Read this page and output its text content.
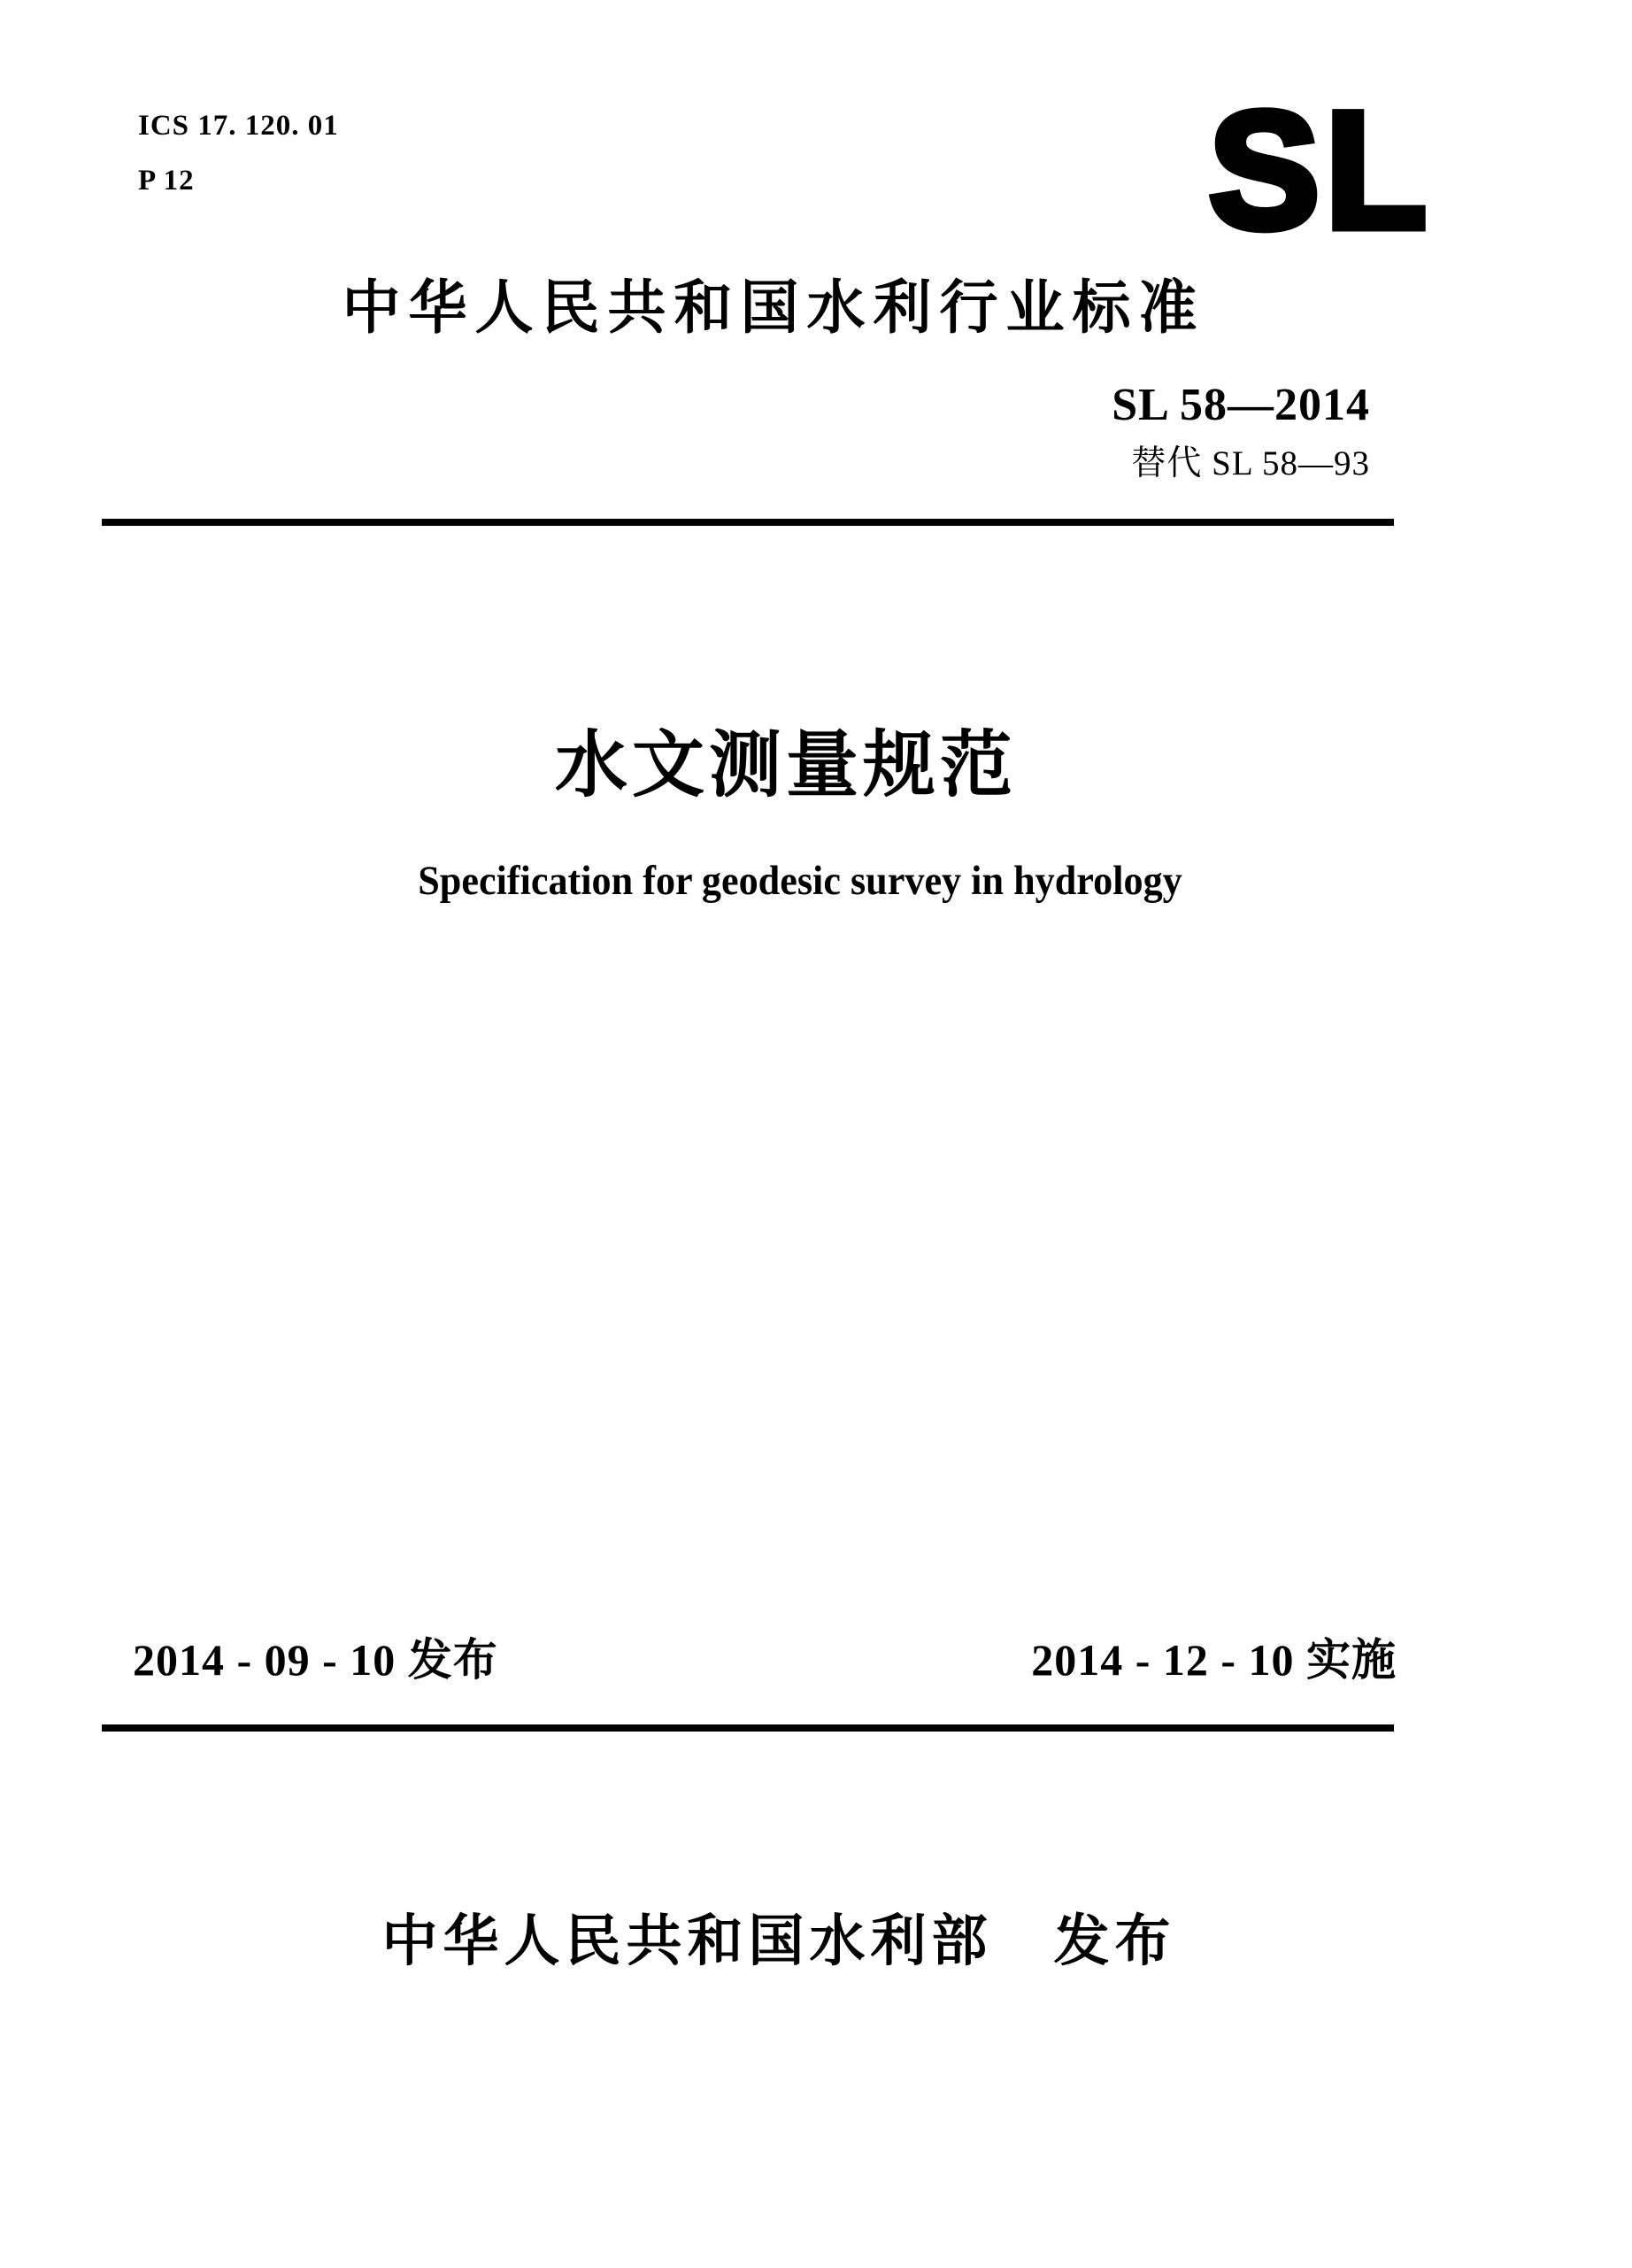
ICS 17. 120. 01
P 12	SL
中华人民共和国水利行业标准
SL 58—2014
替代 SL 58—93
水文测量规范
Specification for geodesic survey in hydrology
2014 - 09 - 10 发布	2014 - 12 - 10 实施
中华人民共和国水利部　发布
